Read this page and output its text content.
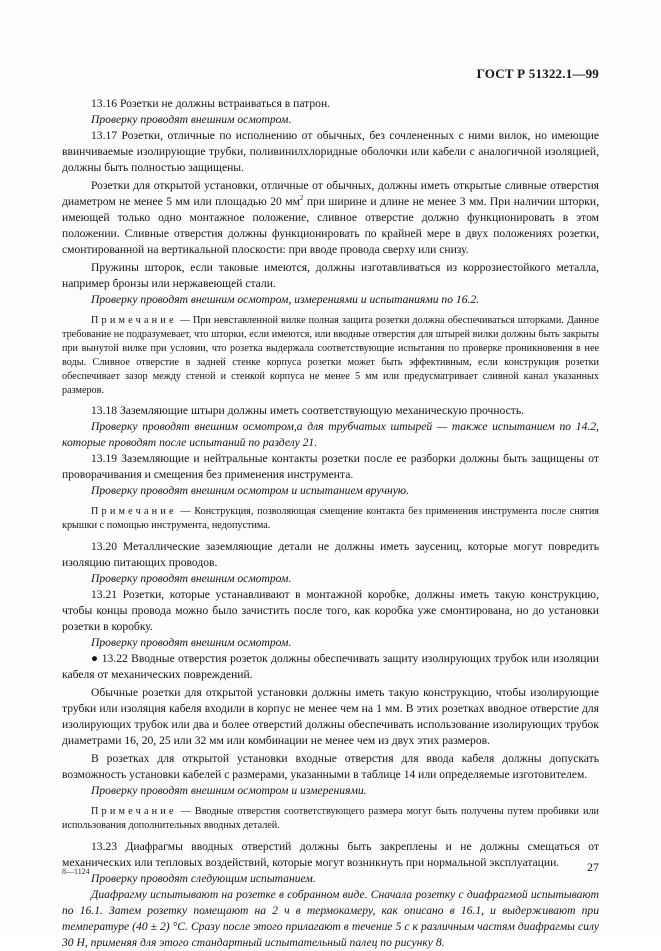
ГОСТ Р 51322.1—99

13.16 Розетки не должны встраиваться в патрон.

Проверку проводят внешним осмотром.

13.17 Розетки, отличные по исполнению от обычных, без сочлененных с ними вилок, но имеющие ввинчиваемые изолирующие трубки, поливинилхлоридные оболочки или кабели с аналогичной изоляцией, должны быть полностью защищены.

Розетки для открытой установки, отличные от обычных, должны иметь открытые сливные отверстия диаметром не менее 5 мм или площадью 20 $мм^2$ при ширине и длине не менее 3 мм. При наличии шторки, имеющей только одно монтажное положение, сливное отверстие должно функционировать в этом положении. Сливные отверстия должны функционировать по крайней мере в двух положениях розетки, смонтированной на вертикальной плоскости: при вводе провода сверху или снизу.

Пружины шторок, если таковые имеются, должны изготавливаться из коррозиестойкого металла, например бронзы или нержавеющей стали.

Проверку проводят внешним осмотром, измерениями и испытаниями по 16.2.

Примечание — При невставленной вилке полная защита розетки должна обеспечиваться шторками. Данное требование не подразумевает, что шторки, если имеются, или вводные отверстия для штырей вилки должны быть закрыты при вынутой вилке при условии, что розетка выдержала соответствующие испытания по проверке проникновения в нее воды. Сливное отверстие в задней стенке корпуса розетки может быть эффективным, если конструкция розетки обеспечивает зазор между стеной и стенкой корпуса не менее 5 мм или предусматривает сливной канал указанных размеров.

13.18 Заземляющие штыри должны иметь соответствующую механическую прочность.

Проверку проводят внешним осмотром,а для трубчатых штырей — также испытанием по 14.2, которые проводят после испытаний по разделу 21.

13.19 Заземляющие и нейтральные контакты розетки после ее разборки должны быть защищены от проворачивания и смещения без применения инструмента.

Проверку проводят внешним осмотром и испытанием вручную.

Примечание — Конструкция, позволяющая смещение контакта без применения инструмента после снятия крышки с помощью инструмента, недопустима.

13.20 Металлические заземляющие детали не должны иметь заусениц, которые могут повредить изоляцию питающих проводов.

Проверку проводят внешним осмотром.

13.21 Розетки, которые устанавливают в монтажной коробке, должны иметь такую конструкцию, чтобы концы провода можно было зачистить после того, как коробка уже смонтирована, но до установки розетки в коробку.

Проверку проводят внешним осмотром.

● 13.22 Вводные отверстия розеток должны обеспечивать защиту изолирующих трубок или изоляции кабеля от механических повреждений.

Обычные розетки для открытой установки должны иметь такую конструкцию, чтобы изолирующие трубки или изоляция кабеля входили в корпус не менее чем на 1 мм. В этих розетках вводное отверстие для изолирующих трубок или два и более отверстий должны обеспечивать использование изолирующих трубок диаметрами 16, 20, 25 или 32 мм или комбинации не менее чем из двух этих размеров.

В розетках для открытой установки входные отверстия для ввода кабеля должны допускать возможность установки кабелей с размерами, указанными в таблице 14 или определяемые изготовителем.

Проверку проводят внешним осмотром и измерениями.

Примечание — Вводные отверстия соответствующего размера могут быть получены путем пробивки или использования дополнительных вводных деталей.

13.23 Диафрагмы вводных отверстий должны быть закреплены и не должны смещаться от механических или тепловых воздействий, которые могут возникнуть при нормальной эксплуатации.

Проверку проводят следующим испытанием.

Диафрагму испытывают на розетке в собранном виде. Сначала розетку с диафрагмой испытывают по 16.1. Затем розетку помещают на 2 ч в термокамеру, как описано в 16.1, и выдерживают при температуре (40 ± 2) °С. Сразу после этого прилагают в течение 5 с к различным частям диафрагмы силу 30 Н, применяя для этого стандартный испытательный палец по рисунку 8.

8—1124	27
